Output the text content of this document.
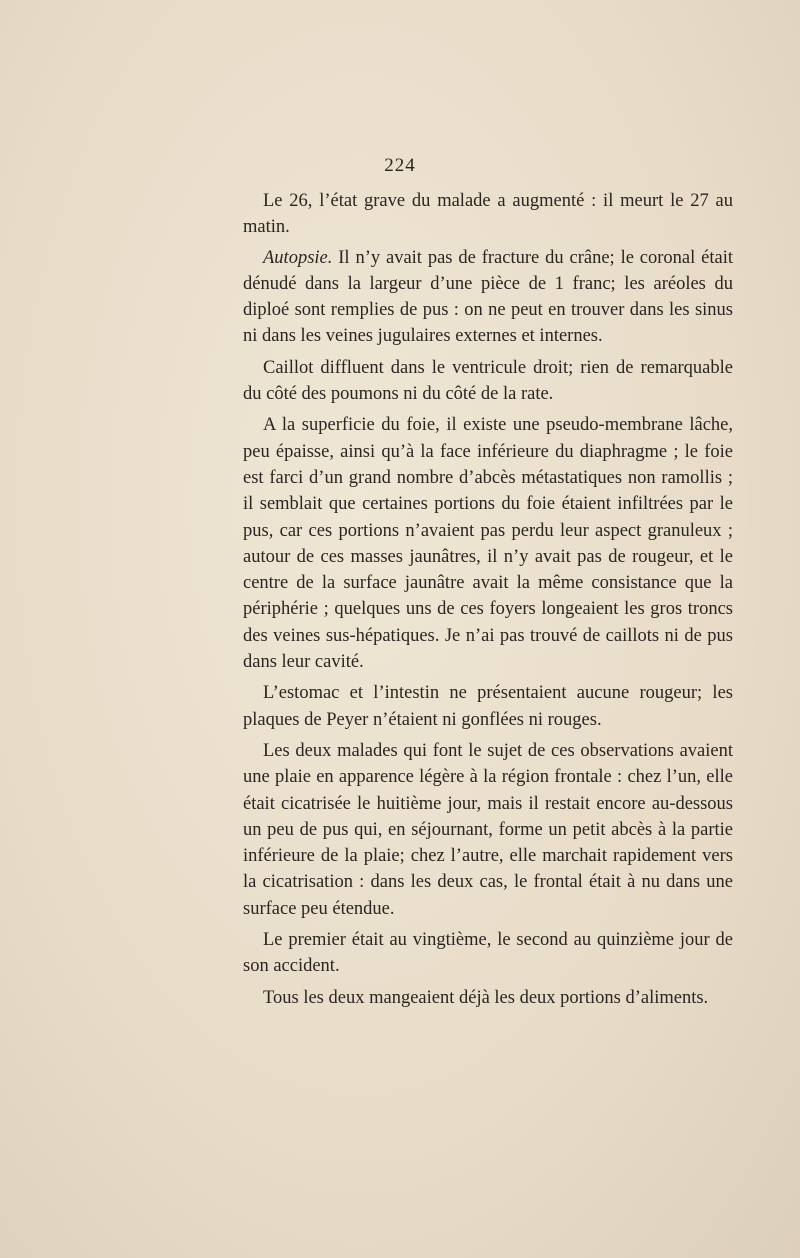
224

Le 26, l’état grave du malade a augmenté : il meurt le 27 au matin.

Autopsie. Il n’y avait pas de fracture du crâne; le coronal était dénudé dans la largeur d’une pièce de 1 franc; les aréoles du diploé sont remplies de pus : on ne peut en trouver dans les sinus ni dans les veines jugulaires externes et internes.

Caillot diffluent dans le ventricule droit; rien de remarquable du côté des poumons ni du côté de la rate.

A la superficie du foie, il existe une pseudo-membrane lâche, peu épaisse, ainsi qu’à la face inférieure du diaphragme ; le foie est farci d’un grand nombre d’abcès métastatiques non ramollis ; il semblait que certaines portions du foie étaient infiltrées par le pus, car ces portions n’avaient pas perdu leur aspect granuleux ; autour de ces masses jaunâtres, il n’y avait pas de rougeur, et le centre de la surface jaunâtre avait la même consistance que la périphérie ; quelques uns de ces foyers longeaient les gros troncs des veines sus-hépatiques. Je n’ai pas trouvé de caillots ni de pus dans leur cavité.

L’estomac et l’intestin ne présentaient aucune rougeur; les plaques de Peyer n’étaient ni gonflées ni rouges.

Les deux malades qui font le sujet de ces observations avaient une plaie en apparence légère à la région frontale : chez l’un, elle était cicatrisée le huitième jour, mais il restait encore au-dessous un peu de pus qui, en séjournant, forme un petit abcès à la partie inférieure de la plaie; chez l’autre, elle marchait rapidement vers la cicatrisation : dans les deux cas, le frontal était à nu dans une surface peu étendue.

Le premier était au vingtième, le second au quinzième jour de son accident.

Tous les deux mangeaient déjà les deux portions d’aliments.
